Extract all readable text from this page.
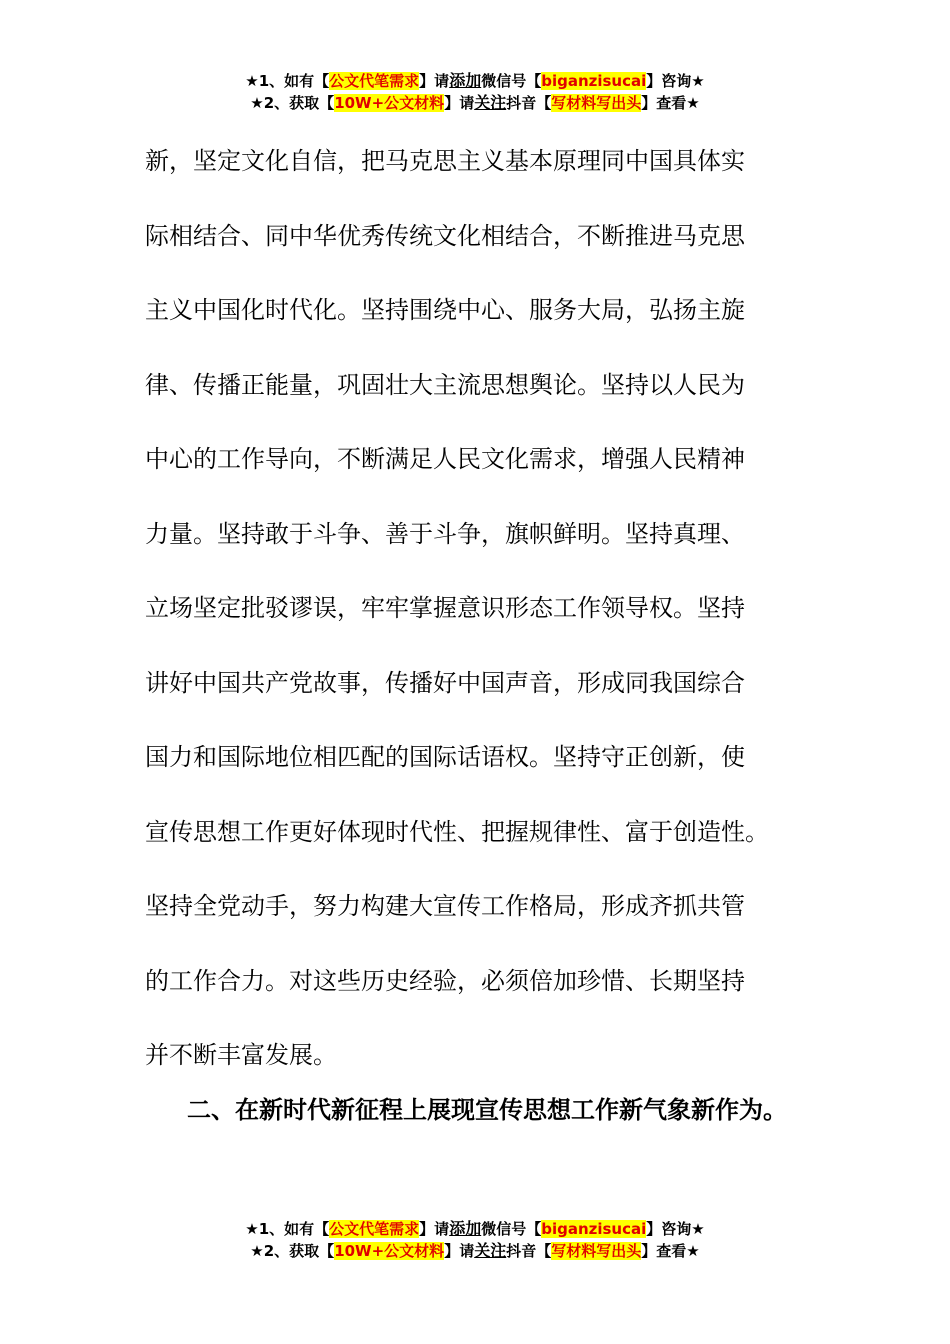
★1、如有【公文代笔需求】请添加微信号【biganzisucai】咨询★
★2、获取【10W+公文材料】请关注抖音【写材料写出头】查看★
新，坚定文化自信，把马克思主义基本原理同中国具体实
际相结合、同中华优秀传统文化相结合，不断推进马克思
主义中国化时代化。坚持围绕中心、服务大局，弘扬主旋
律、传播正能量，巩固壮大主流思想舆论。坚持以人民为
中心的工作导向，不断满足人民文化需求，增强人民精神
力量。坚持敢于斗争、善于斗争，旗帜鲜明。坚持真理、
立场坚定批驳谬误，牢牢掌握意识形态工作领导权。坚持
讲好中国共产党故事，传播好中国声音，形成同我国综合
国力和国际地位相匹配的国际话语权。坚持守正创新，使
宣传思想工作更好体现时代性、把握规律性、富于创造性。
坚持全党动手，努力构建大宣传工作格局，形成齐抓共管
的工作合力。对这些历史经验，必须倍加珍惜、长期坚持
并不断丰富发展。
二、在新时代新征程上展现宣传思想工作新气象新作为。
★1、如有【公文代笔需求】请添加微信号【biganzisucai】咨询★
★2、获取【10W+公文材料】请关注抖音【写材料写出头】查看★
